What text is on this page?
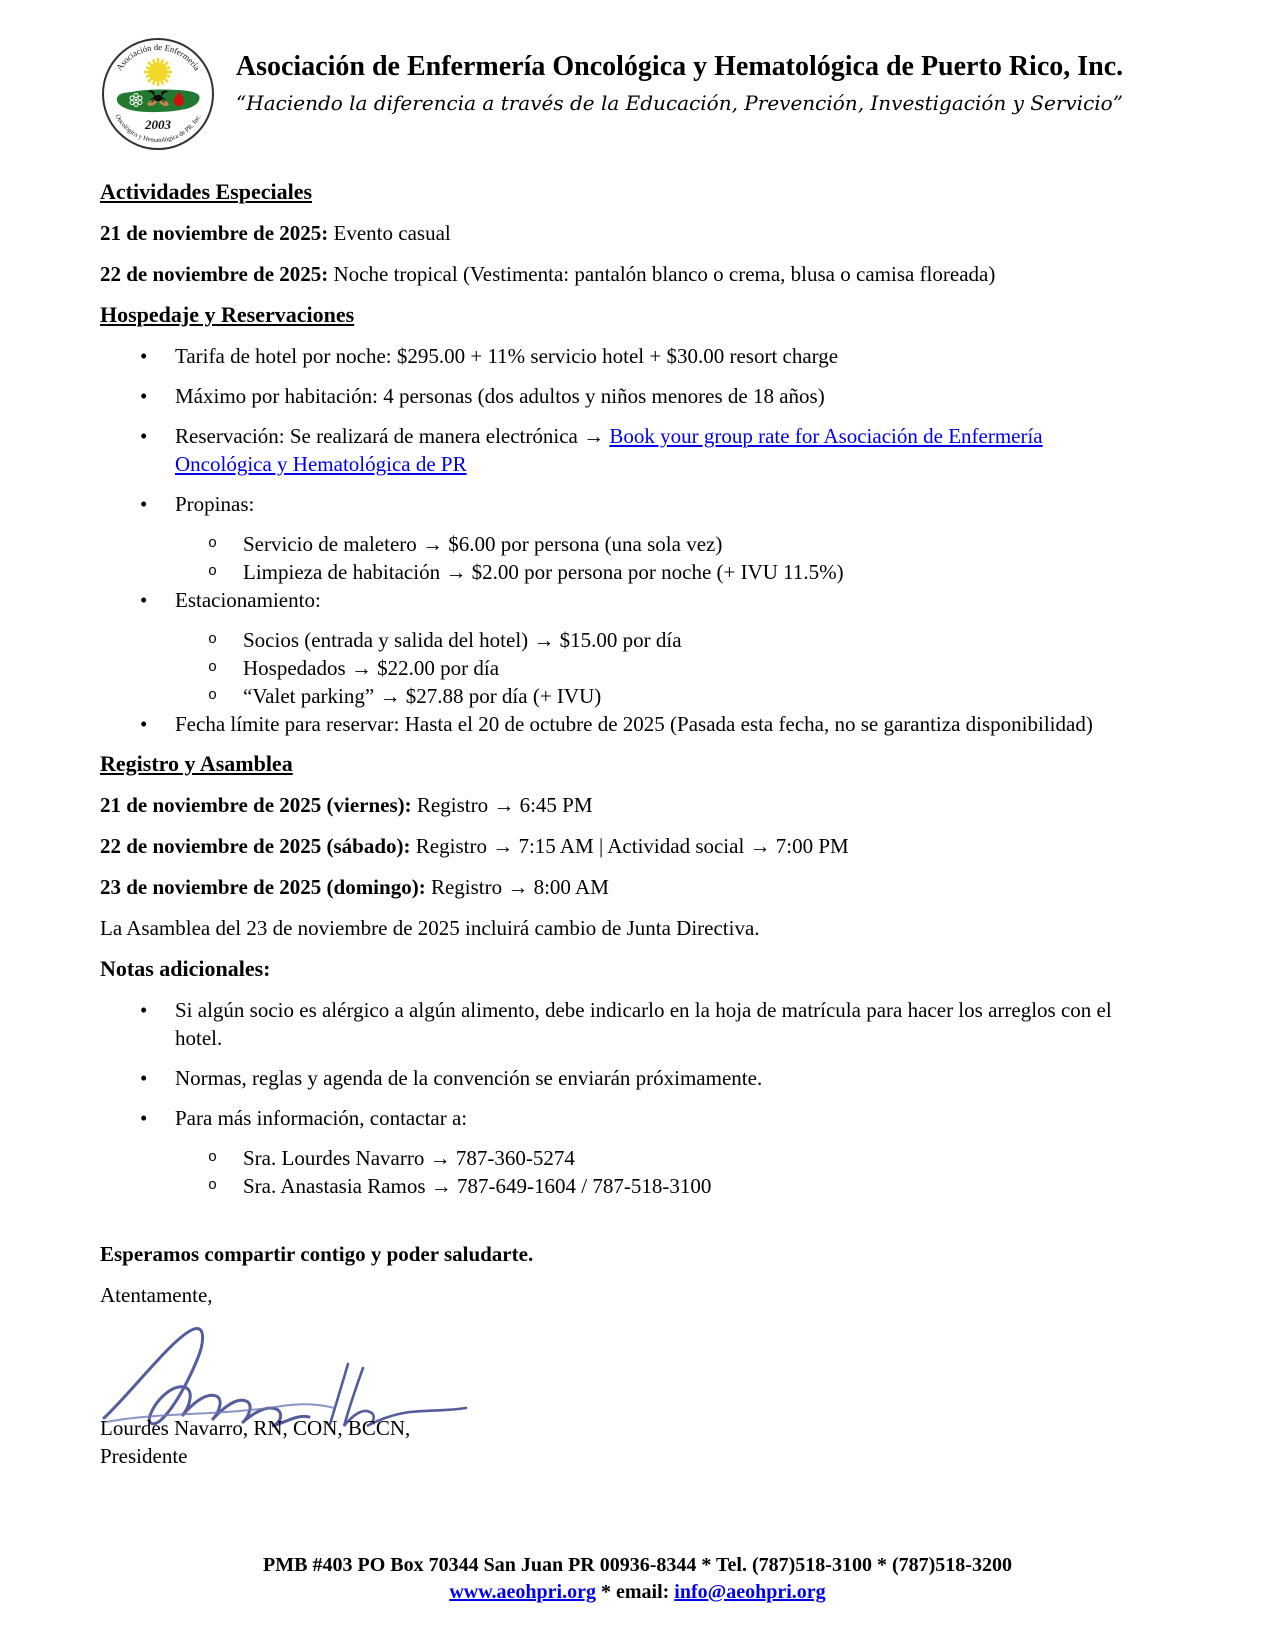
Asociación de Enfermería
Oncológica y Hematológica de PR, Inc.
2003
Asociación de Enfermería Oncológica y Hematológica de Puerto Rico, Inc.
“Haciendo la diferencia a través de la Educación, Prevención, Investigación y Servicio”
Actividades Especiales

21 de noviembre de 2025: Evento casual

22 de noviembre de 2025: Noche tropical (Vestimenta: pantalón blanco o crema, blusa o camisa floreada)

Hospedaje y Reservaciones
•	Tarifa de hotel por noche: $295.00 + 11% servicio hotel + $30.00 resort charge
•	Máximo por habitación: 4 personas (dos adultos y niños menores de 18 años)
•	Reservación: Se realizará de manera electrónica → Book your group rate for Asociación de Enfermería Oncológica y Hematológica de PR
•	Propinas:
o	Servicio de maletero → $6.00 por persona (una sola vez)
o	Limpieza de habitación → $2.00 por persona por noche (+ IVU 11.5%)
•	Estacionamiento:
o	Socios (entrada y salida del hotel) → $15.00 por día
o	Hospedados → $22.00 por día
o	“Valet parking” → $27.88 por día (+ IVU)
•	Fecha límite para reservar: Hasta el 20 de octubre de 2025 (Pasada esta fecha, no se garantiza disponibilidad)
Registro y Asamblea

21 de noviembre de 2025 (viernes): Registro → 6:45 PM

22 de noviembre de 2025 (sábado): Registro → 7:15 AM | Actividad social → 7:00 PM

23 de noviembre de 2025 (domingo): Registro → 8:00 AM

La Asamblea del 23 de noviembre de 2025 incluirá cambio de Junta Directiva.

Notas adicionales:
•	Si algún socio es alérgico a algún alimento, debe indicarlo en la hoja de matrícula para hacer los arreglos con el hotel.
•	Normas, reglas y agenda de la convención se enviarán próximamente.
•	Para más información, contactar a:
o	Sra. Lourdes Navarro → 787-360-5274
o	Sra. Anastasia Ramos → 787-649-1604 / 787-518-3100

Esperamos compartir contigo y poder saludarte.

Atentamente,

Lourdes Navarro, RN, CON, BCCN,

Presidente

PMB #403 PO Box 70344 San Juan PR 00936-8344 * Tel. (787)518-3100 * (787)518-3200
www.aeohpri.org * email: info@aeohpri.org
